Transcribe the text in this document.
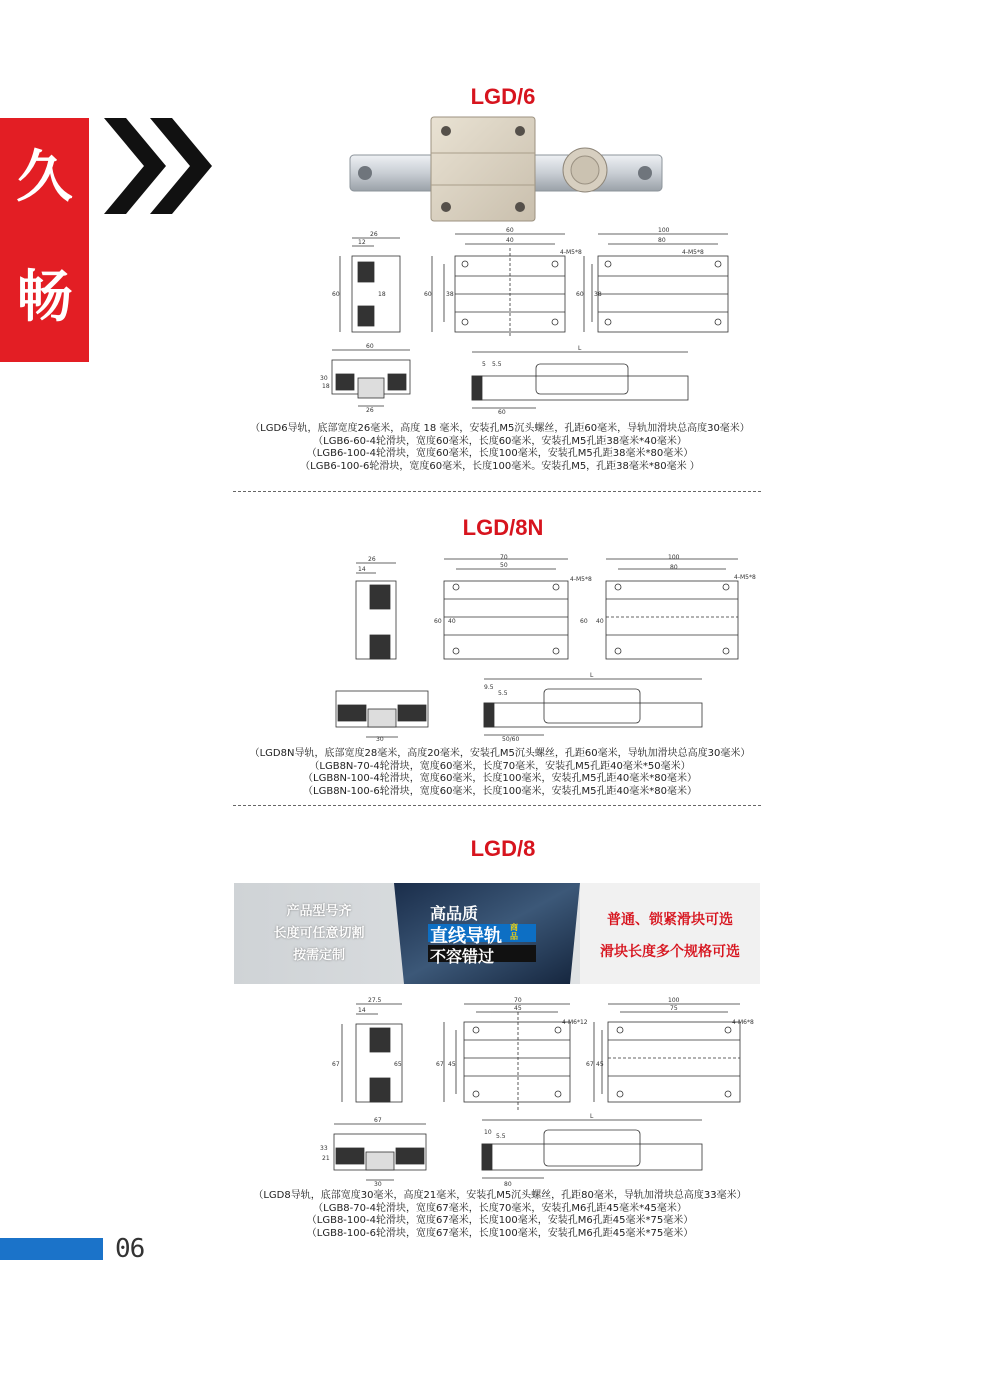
久
畅
LGD/6
26
12
60	18
60
40
60 38
4-M5*8
100
80
60 38
4-M5*8
60
30
18
26
L
5 5.5
60
（LGD6导轨，底部宽度26毫米，高度 18 毫米，安装孔M5沉头螺丝，孔距60毫米，导轨加滑块总高度30毫米）
（LGB6-60-4轮滑块，宽度60毫米，长度60毫米，安装孔M5孔距38毫米*40毫米）
（LGB6-100-4轮滑块，宽度60毫米，长度100毫米，安装孔M5孔距38毫米*80毫米）
（LGB6-100-6轮滑块，宽度60毫米，长度100毫米。安装孔M5，孔距38毫米*80毫米 ）
LGD/8N
26
14
70
50
60 40
4-M5*8
100
80
60 40
4-M5*8
30
L
9.5
5.5
50/60
（LGD8N导轨，底部宽度28毫米，高度20毫米，安装孔M5沉头螺丝，孔距60毫米，导轨加滑块总高度30毫米）
（LGB8N-70-4轮滑块，宽度60毫米，长度70毫米，安装孔M5孔距40毫米*50毫米）
（LGB8N-100-4轮滑块，宽度60毫米，长度100毫米，安装孔M5孔距40毫米*80毫米）
（LGB8N-100-6轮滑块，宽度60毫米，长度100毫米，安装孔M5孔距40毫米*80毫米）
LGD/8
产品型号齐
长度可任意切割
按需定制
高品质
直线导轨 商品
不容错过
普通、锁紧滑块可选
滑块长度多个规格可选
27.5
14
67	65
70
45
67 45
4-M6*12
100
75
67 45
4-M6*8
67
33
21
30
L
10
5.5
80
（LGD8导轨，底部宽度30毫米，高度21毫米，安装孔M5沉头螺丝，孔距80毫米，导轨加滑块总高度33毫米）
（LGB8-70-4轮滑块，宽度67毫米，长度70毫米，安装孔M6孔距45毫米*45毫米）
（LGB8-100-4轮滑块，宽度67毫米，长度100毫米，安装孔M6孔距45毫米*75毫米）
（LGB8-100-6轮滑块，宽度67毫米，长度100毫米，安装孔M6孔距45毫米*75毫米）
06
